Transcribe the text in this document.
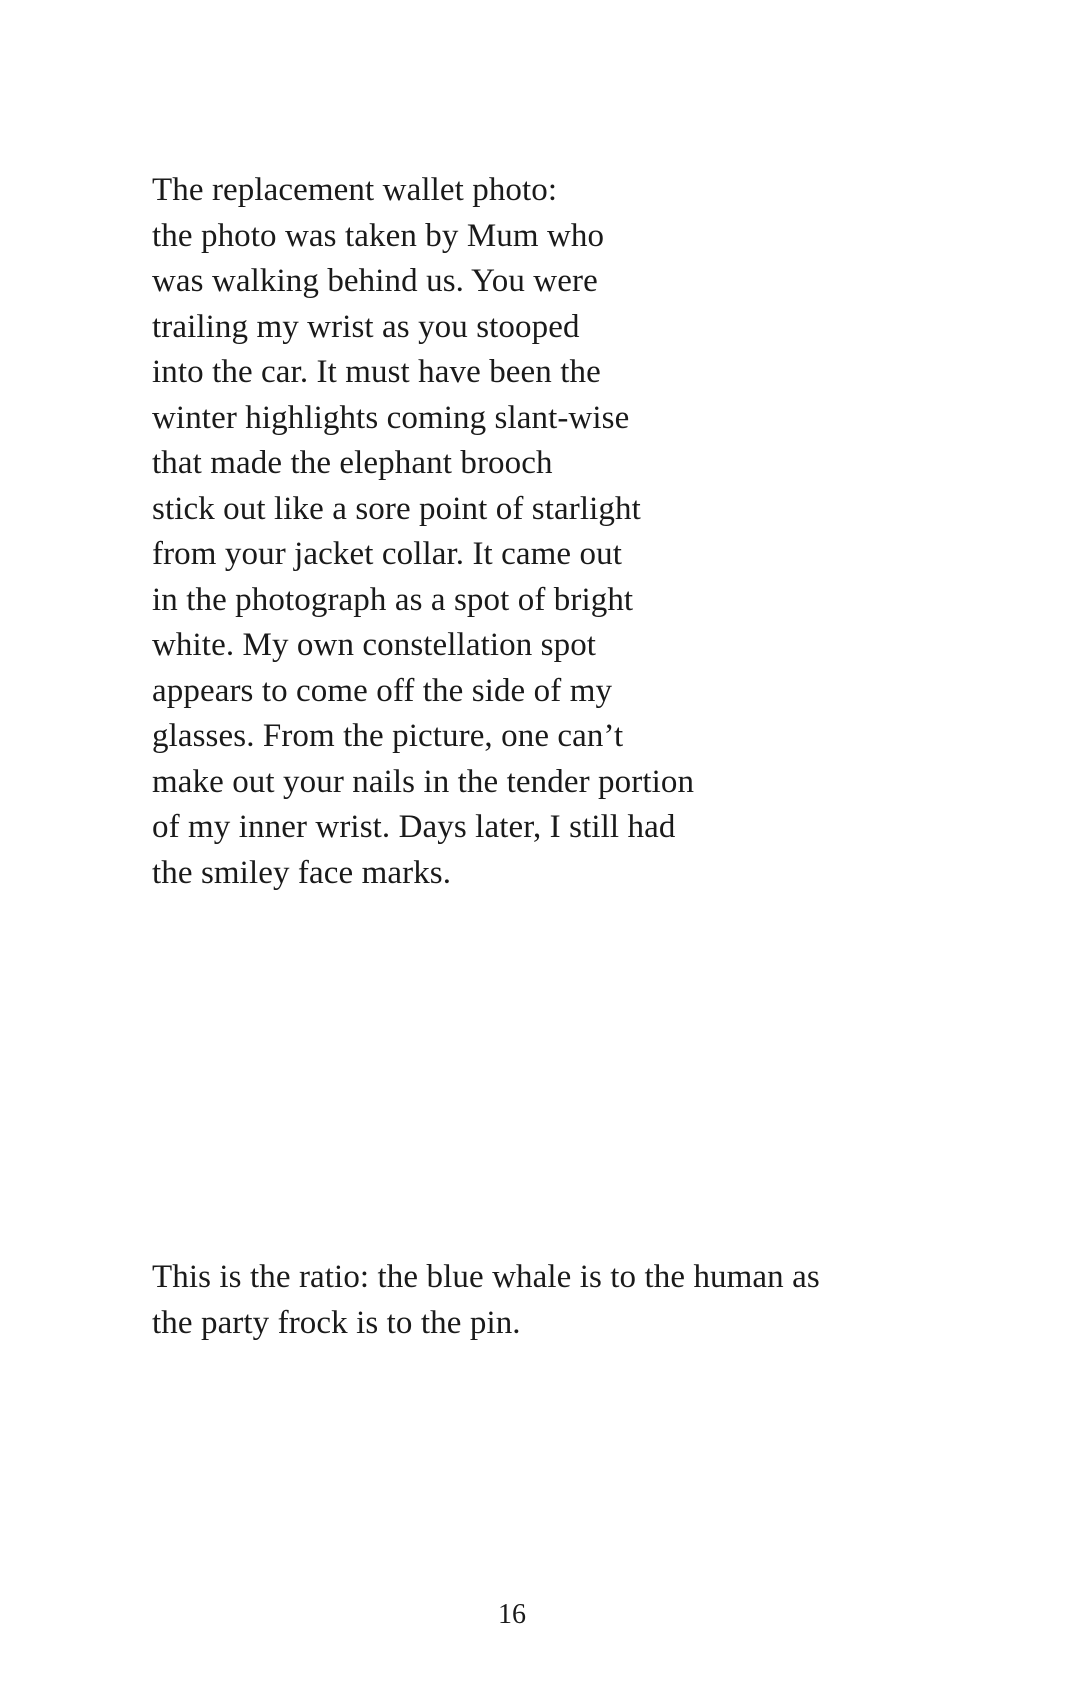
The replacement wallet photo:
the photo was taken by Mum who
was walking behind us. You were
trailing my wrist as you stooped
into the car. It must have been the
winter highlights coming slant-wise
that made the elephant brooch
stick out like a sore point of starlight
from your jacket collar. It came out
in the photograph as a spot of bright
white. My own constellation spot
appears to come off the side of my
glasses. From the picture, one can’t
make out your nails in the tender portion
of my inner wrist. Days later, I still had
the smiley face marks.
This is the ratio: the blue whale is to the human as
the party frock is to the pin.
16
